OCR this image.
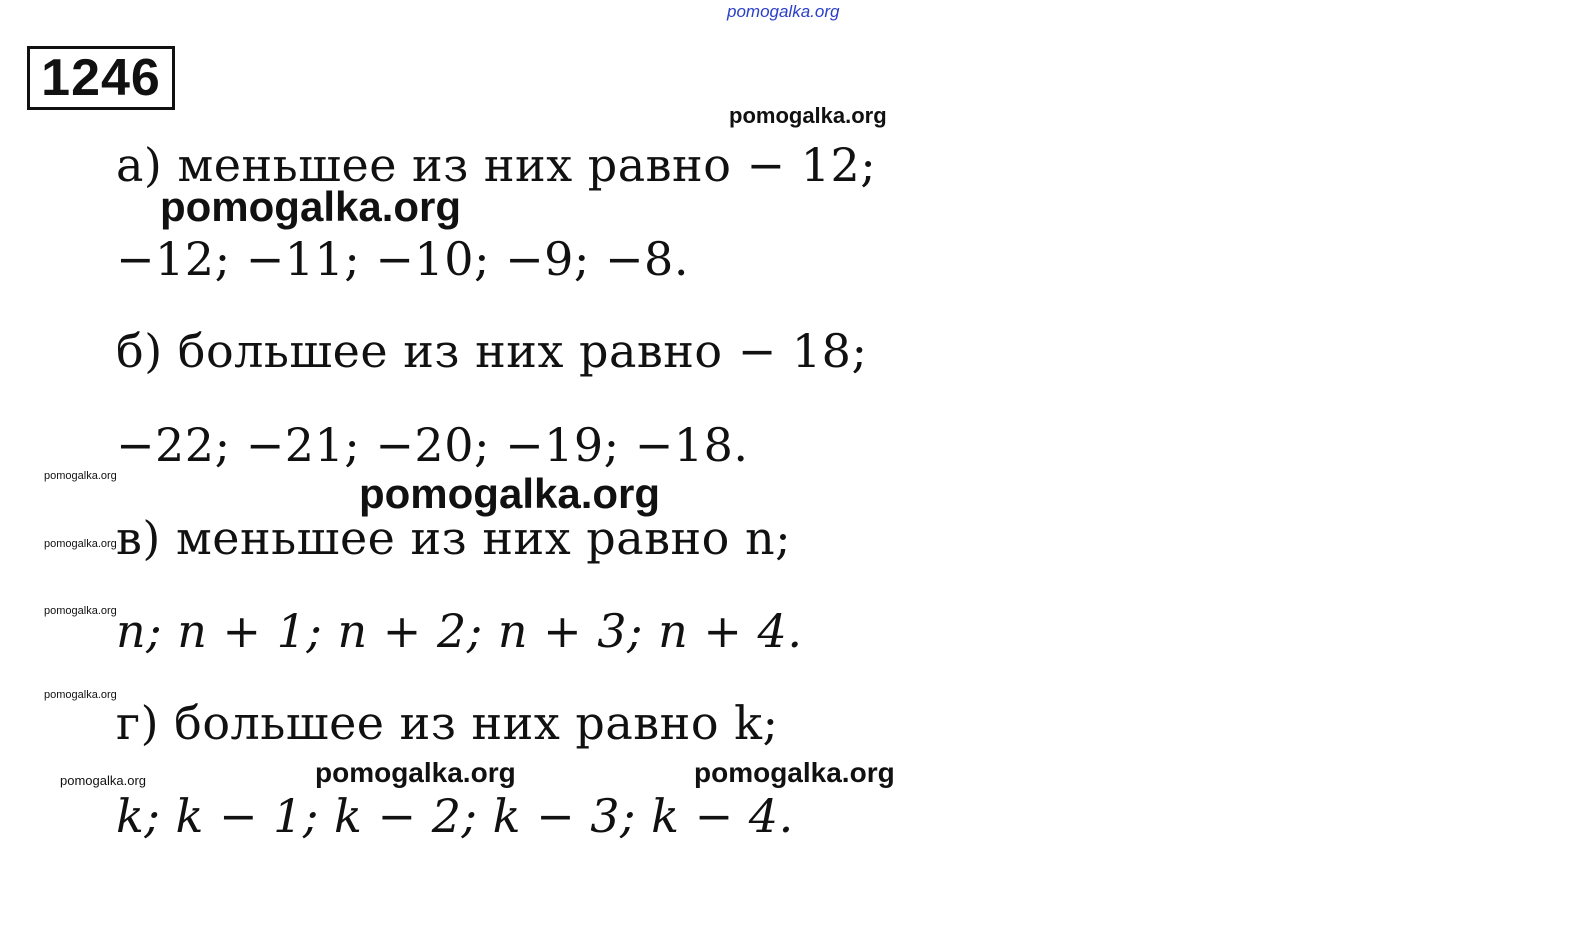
pomogalka.org
1246
pomogalka.org
а) меньшее из них равно − 12;
pomogalka.org
−12; −11; −10; −9; −8.
б) большее из них равно − 18;
−22; −21; −20; −19; −18.
pomogalka.org	pomogalka.org
pomogalka.org в) меньшее из них равно n;
pomogalka.org n; n + 1; n + 2; n + 3; n + 4.
pomogalka.org
г) большее из них равно k;
pomogalka.org	pomogalka.org	pomogalka.org
k; k − 1; k − 2; k − 3; k − 4.
